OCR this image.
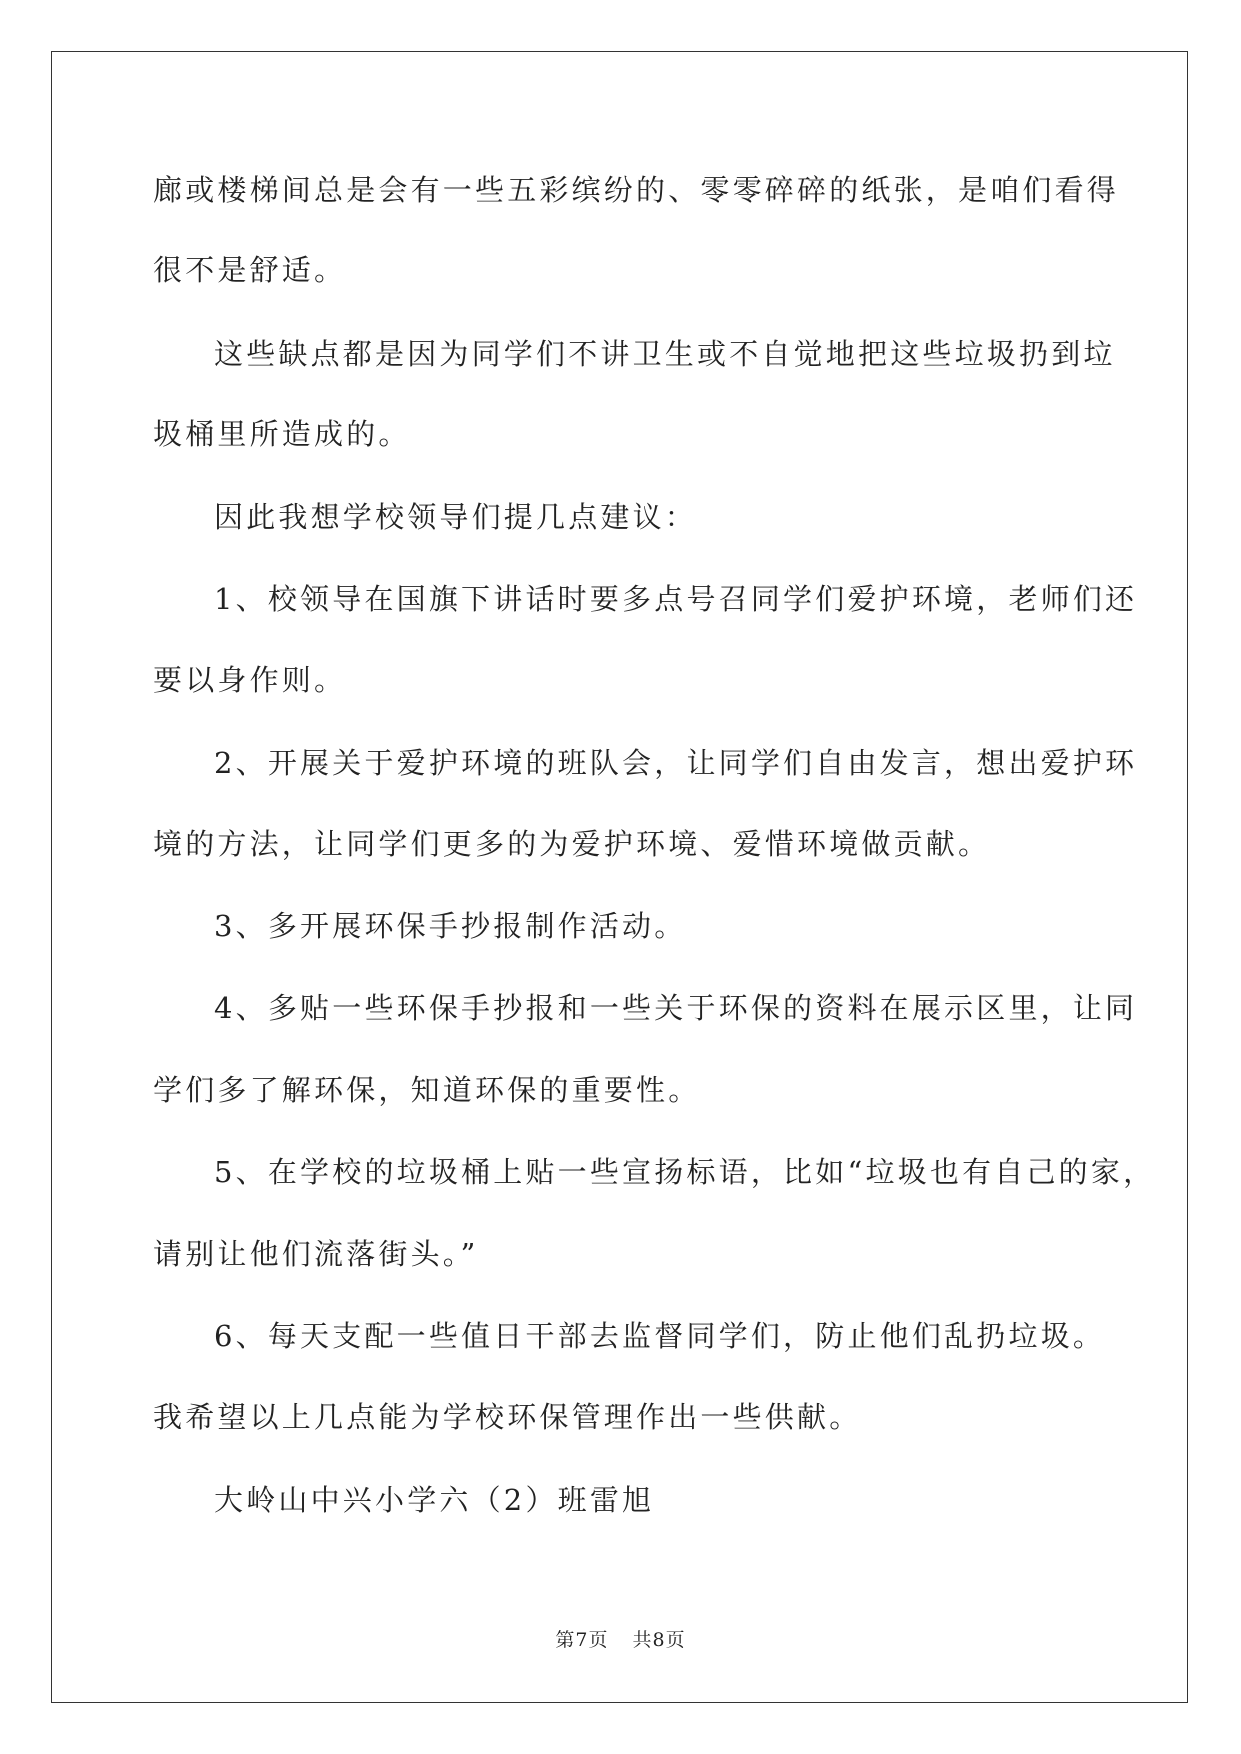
廊或楼梯间总是会有一些五彩缤纷的、零零碎碎的纸张，是咱们看得
很不是舒适。
这些缺点都是因为同学们不讲卫生或不自觉地把这些垃圾扔到垃
圾桶里所造成的。
因此我想学校领导们提几点建议：
1、校领导在国旗下讲话时要多点号召同学们爱护环境，老师们还
要以身作则。
2、开展关于爱护环境的班队会，让同学们自由发言，想出爱护环
境的方法，让同学们更多的为爱护环境、爱惜环境做贡献。
3、多开展环保手抄报制作活动。
4、多贴一些环保手抄报和一些关于环保的资料在展示区里，让同
学们多了解环保，知道环保的重要性。
5、在学校的垃圾桶上贴一些宣扬标语，比如“垃圾也有自己的家，
请别让他们流落街头。”
6、每天支配一些值日干部去监督同学们，防止他们乱扔垃圾。
我希望以上几点能为学校环保管理作出一些供献。
大岭山中兴小学六（2）班雷旭
第7页 共8页
